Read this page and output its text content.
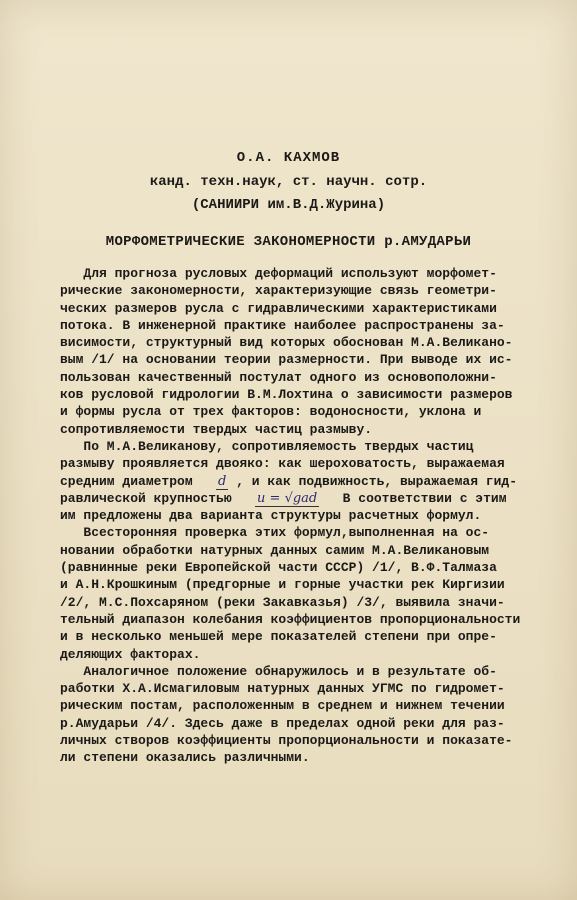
О.А. КАХМОВ
канд. техн.наук, ст. научн. сотр.
(САНИИРИ им.В.Д.Журина)
МОРФОМЕТРИЧЕСКИЕ ЗАКОНОМЕРНОСТИ р.АМУДАРЬИ
Для прогноза русловых деформаций используют морфомет-
рические закономерности, характеризующие связь геометри-
ческих размеров русла с гидравлическими характеристиками
потока. В инженерной практике наиболее распространены за-
висимости, структурный вид которых обоснован М.А.Великано-
вым /1/ на основании теории размерности. При выводе их ис-
пользован качественный постулат одного из основоположни-
ков русловой гидрологии В.М.Лохтина о зависимости размеров
и формы русла от трех факторов: водоносности, уклона и
сопротивляемости твердых частиц размыву.
По М.А.Великанову, сопротивляемость твердых частиц
размыву проявляется двояко: как шероховатость, выражаемая
средним диаметром d , и как подвижность, выражаемая гид-
равлической крупностью u = √gad   В соответствии с этим
им предложены два варианта структуры расчетных формул.
Всесторонняя проверка этих формул,выполненная на ос-
новании обработки натурных данных самим М.А.Великановым
(равнинные реки Европейской части СССР) /1/, В.Ф.Талмаза
и А.Н.Крошкиным (предгорные и горные участки рек Киргизии
/2/, М.С.Похсаряном (реки Закавказья) /3/, выявила значи-
тельный диапазон колебания коэффициентов пропорциональности
и в несколько меньшей мере показателей степени при опре-
деляющих факторах.
Аналогичное положение обнаружилось и в результате об-
работки Х.А.Исмагиловым натурных данных УГМС по гидромет-
рическим постам, расположенным в среднем и нижнем течении
р.Амударьи /4/. Здесь даже в пределах одной реки для раз-
личных створов коэффициенты пропорциональности и показате-
ли степени оказались различными.
